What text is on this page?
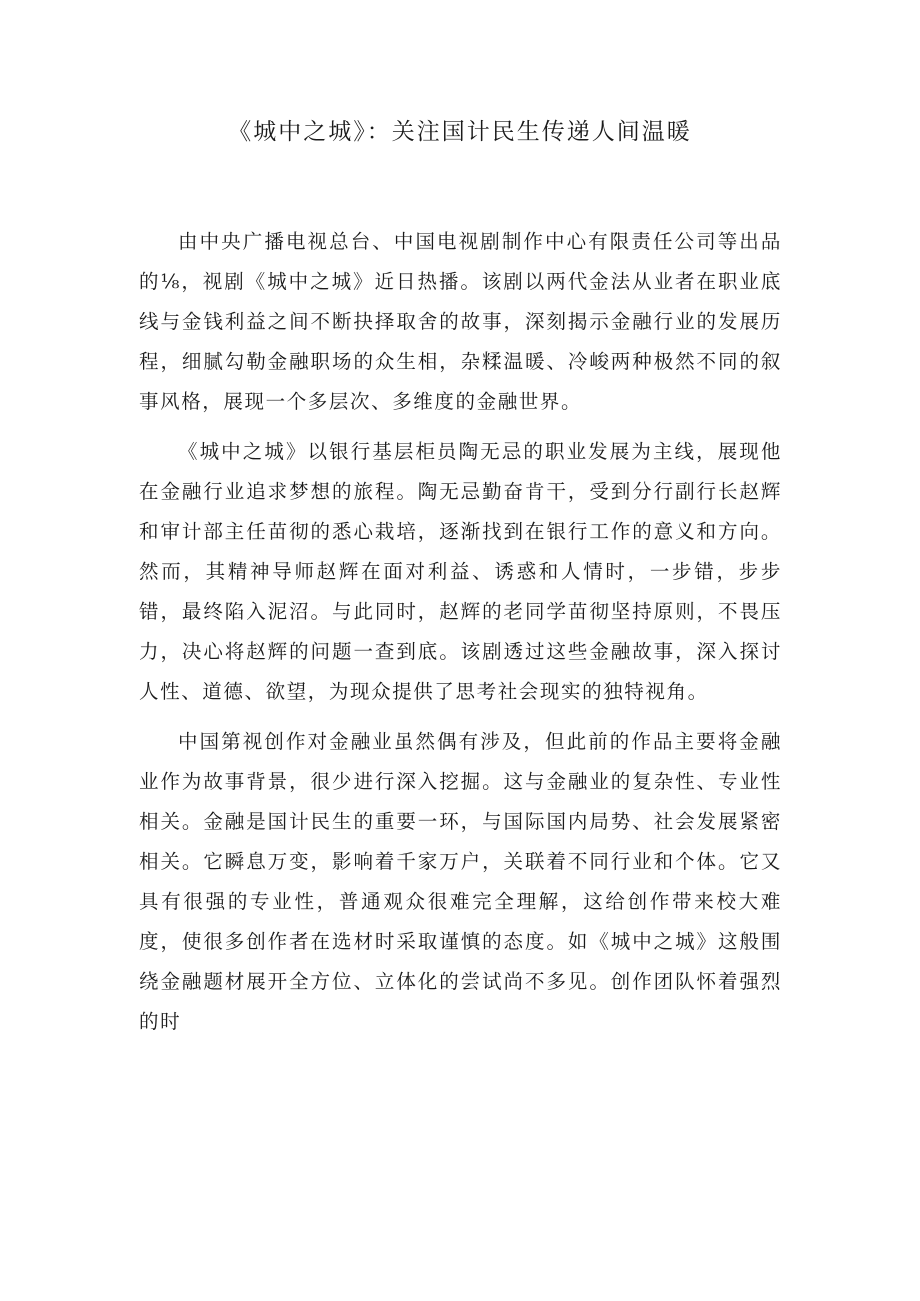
《城中之城》：关注国计民生传递人间温暖

由中央广播电视总台、中国电视剧制作中心有限责任公司等出品的⅛，视剧《城中之城》近日热播。该剧以两代金法从业者在职业底线与金钱利益之间不断抉择取舍的故事，深刻揭示金融行业的发展历程，细腻勾勒金融职场的众生相，杂糅温暖、冷峻两种极然不同的叙事风格，展现一个多层次、多维度的金融世界。

《城中之城》以银行基层柜员陶无忌的职业发展为主线，展现他在金融行业追求梦想的旅程。陶无忌勤奋肯干，受到分行副行长赵辉和审计部主任苗彻的悉心栽培，逐渐找到在银行工作的意义和方向。然而，其精神导师赵辉在面对利益、诱惑和人情时，一步错，步步错，最终陷入泥沼。与此同时，赵辉的老同学苗彻坚持原则，不畏压力，决心将赵辉的问题一查到底。该剧透过这些金融故事，深入探讨人性、道德、欲望，为现众提供了思考社会现实的独特视角。

中国第视创作对金融业虽然偶有涉及，但此前的作品主要将金融业作为故事背景，很少进行深入挖掘。这与金融业的复杂性、专业性相关。金融是国计民生的重要一环，与国际国内局势、社会发展紧密相关。它瞬息万变，影响着千家万户，关联着不同行业和个体。它又具有很强的专业性，普通观众很难完全理解，这给创作带来校大难度，使很多创作者在选材时采取谨慎的态度。如《城中之城》这般围绕金融题材展开全方位、立体化的尝试尚不多见。创作团队怀着强烈的时
